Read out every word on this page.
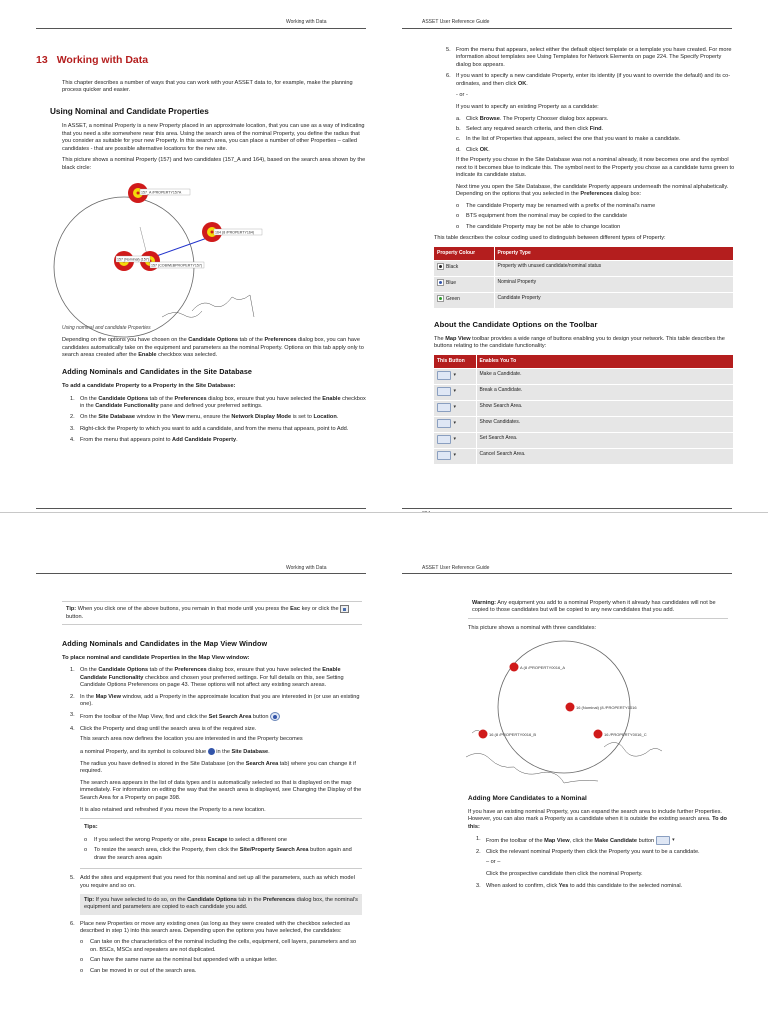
Working with Data
13 Working with Data

This chapter describes a number of ways that you can work with your ASSET data to, for example, make the planning process quicker and easier.

Using Nominal and Candidate Properties

In ASSET, a nominal Property is a new Property placed in an approximate location, that you can use as a way of indicating that you need a site somewhere near this area. Using the search area of the nominal Property, you define the radius that you consider as suitable for your new Property. In this search area, you can place a number of other Properties – called candidates - that are possible alternative locations for the new site.

This picture shows a nominal Property (157) and two candidates (157_A and 164), based on the search area shown by the black circle:

157_A /PROPERTY157A
164 (8 /PROPERTY164)
157 (Nominal) (157)
157 (COBWEBPROPERTY157)
Using nominal and candidate Properties

Depending on the options you have chosen on the Candidate Options tab of the Preferences dialog box, you can have candidates automatically take on the equipment and parameters as the nominal Property. Options on this tab apply only to search areas created after the Enable checkbox was selected.

Adding Nominals and Candidates in the Site Database
To add a candidate Property to a Property in the Site Database:
1. On the Candidate Options tab of the Preferences dialog box, ensure that you have selected the Enable checkbox in the Candidate Functionality pane and defined your preferred settings.
2. On the Site Database window in the View menu, ensure the Network Display Mode is set to Location.
3. Right-click the Property to which you want to add a candidate, and from the menu that appears, point to Add.
4. From the menu that appears point to Add Candidate Property.
ASSET User Reference Guide
5. From the menu that appears, select either the default object template or a template you have created. For more information about templates see Using Templates for Network Elements on page 224. The Specify Property dialog box appears.
6. If you want to specify a new candidate Property, enter its identity (if you want to override the default) and its co-ordinates, and then click OK.

- or -

If you want to specify an existing Property as a candidate:

a. Click Browse. The Property Chooser dialog box appears.
b. Select any required search criteria, and then click Find.
c. In the list of Properties that appears, select the one that you want to make a candidate.
d. Click OK.

If the Property you chose in the Site Database was not a nominal already, it now becomes one and the symbol next to it becomes blue to indicate this. The symbol next to the Property you chose as a candidate turns green to indicate its candidate status.

Next time you open the Site Database, the candidate Property appears underneath the nominal alphabetically. Depending on the options that you selected in the Preferences dialog box:

o The candidate Property may be renamed with a prefix of the nominal's name
o BTS equipment from the nominal may be copied to the candidate
o The candidate Property may be not be able to change location

This table describes the colour coding used to distinguish between different types of Property:

Property Colour	Property Type

Black	Property with unused candidate/nominal status

Blue	Nominal Property

Green	Candidate Property
About the Candidate Options on the Toolbar

The Map View toolbar provides a wide range of buttons enabling you to design your network. This table describes the buttons relating to the candidate functionality:

This Button	Enables You To
▾	Make a Candidate.
▾	Break a Candidate.
▾	Show Search Area.
▾	Show Candidates.
▾	Set Search Area.
▾	Cancel Search Area.
Working with Data
Tip: When you click one of the above buttons, you remain in that mode until you press the Esc key or click the  button.
Adding Nominals and Candidates in the Map View Window
To place nominal and candidate Properties in the Map View window:
1. On the Candidate Options tab of the Preferences dialog box, ensure that you have selected the Enable Candidate Functionality checkbox and chosen your preferred settings. For full details on this, see Setting Candidate Options Preferences on page 43. These options will not affect any existing search areas.
2. In the Map View window, add a Property in the approximate location that you are interested in (or use an existing one).
3. From the toolbar of the Map View, find and click the Set Search Area button
4. Click the Property and drag until the search area is of the required size.

This search area now defines the location you are interested in and the Property becomes

a nominal Property, and its symbol is coloured blue  in the Site Database.

The radius you have defined is stored in the Site Database (on the Search Area tab) where you can change it if required.

The search area appears in the list of data types and is automatically selected so that is displayed on the map immediately. For information on editing the way that the search area is displayed, see Changing the Display of the Search Area for a Property on page 398.

It is also retained and refreshed if you move the Property to a new location.

Tips:
o If you select the wrong Property or site, press Escape to select a different one
o To resize the search area, click the Property, then click the Site/Property Search Area button again and draw the search area again
5. Add the sites and equipment that you need for this nominal and set up all the parameters, such as which model you require and so on.
Tip: If you have selected to do so, on the Candidate Options tab in the Preferences dialog box, the nominal's equipment and parameters are copied to each candidate you add.
6. Place new Properties or move any existing ones (as long as they were created with the checkbox selected as described in step 1) into this search area. Depending upon the options you have selected, the candidates:
o Can take on the characteristics of the nominal including the cells, equipment, cell layers, parameters and so on. BSCs, MSCs and repeaters are not duplicated.
o Can have the same name as the nominal but appended with a unique letter.
o Can be moved in or out of the search area.
ASSET User Reference Guide
Warning: Any equipment you add to a nominal Property when it already has candidates will not be copied to those candidates but will be copied to any new candidates that you add.

This picture shows a nominal with three candidates:

A (8 /PROPERTY0016_A
16 (Nominal) (8 /PROPERTY0016
16 (8 /PROPERTY0016_B	16 /PROPERTY0016_C
Adding More Candidates to a Nominal

If you have an existing nominal Property, you can expand the search area to include further Properties. However, you can also mark a Property as a candidate when it is outside the existing search area. To do this:

1. From the toolbar of the Map View, click the Make Candidate button ▾
2. Click the relevant nominal Property then click the Property you want to be a candidate.

– or –

Click the prospective candidate then click the nominal Property.

3. When asked to confirm, click Yes to add this candidate to the selected nominal.
